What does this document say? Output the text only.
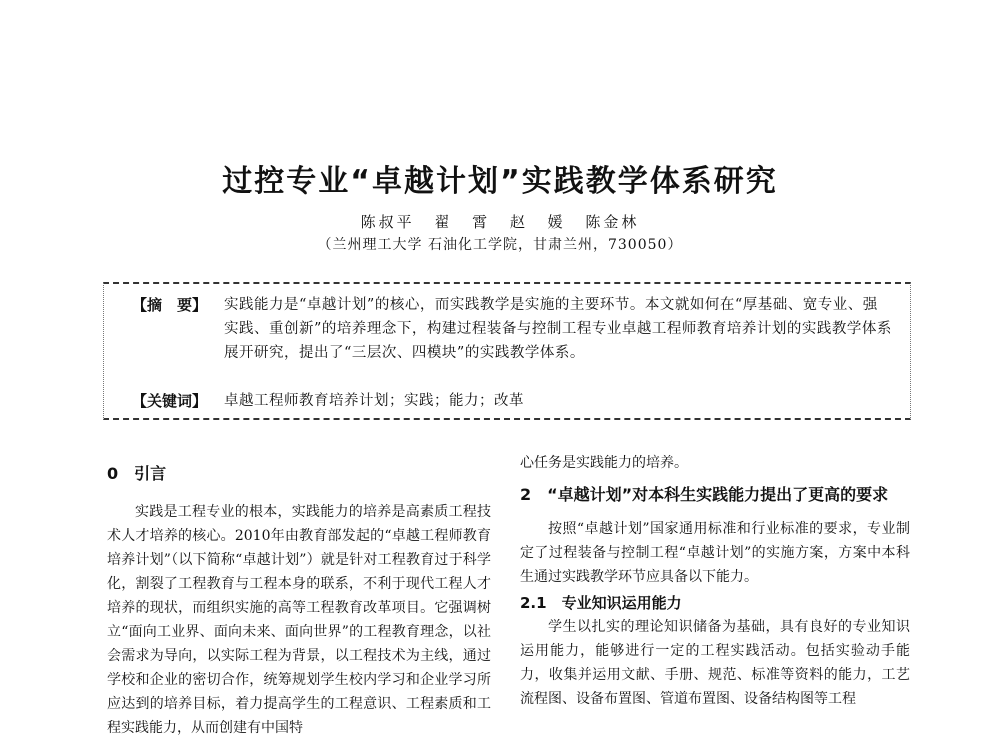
过控专业“卓越计划”实践教学体系研究
陈叔平 翟 霄 赵 媛 陈金林
（兰州理工大学 石油化工学院，甘肃兰州，730050）
【摘　要】 实践能力是“卓越计划”的核心，而实践教学是实施的主要环节。本文就如何在“厚基础、宽专业、强实践、重创新”的培养理念下，构建过程装备与控制工程专业卓越工程师教育培养计划的实践教学体系展开研究，提出了“三层次、四模块”的实践教学体系。
【关键词】 卓越工程师教育培养计划；实践；能力；改革
0　引言

实践是工程专业的根本，实践能力的培养是高素质工程技术人才培养的核心。2010年由教育部发起的“卓越工程师教育培养计划”（以下简称“卓越计划”）就是针对工程教育过于科学化，割裂了工程教育与工程本身的联系，不利于现代工程人才培养的现状，而组织实施的高等工程教育改革项目。它强调树立“面向工业界、面向未来、面向世界”的工程教育理念，以社会需求为导向，以实际工程为背景，以工程技术为主线，通过学校和企业的密切合作，统筹规划学生校内学习和企业学习所应达到的培养目标，着力提高学生的工程意识、工程素质和工程实践能力，从而创建有中国特

心任务是实践能力的培养。
2　“卓越计划”对本科生实践能力提出了更高的要求

按照“卓越计划”国家通用标准和行业标准的要求，专业制定了过程装备与控制工程“卓越计划”的实施方案，方案中本科生通过实践教学环节应具备以下能力。

2.1　专业知识运用能力

学生以扎实的理论知识储备为基础，具有良好的专业知识运用能力，能够进行一定的工程实践活动。包括实验动手能力，收集并运用文献、手册、规范、标准等资料的能力，工艺流程图、设备布置图、管道布置图、设备结构图等工程
